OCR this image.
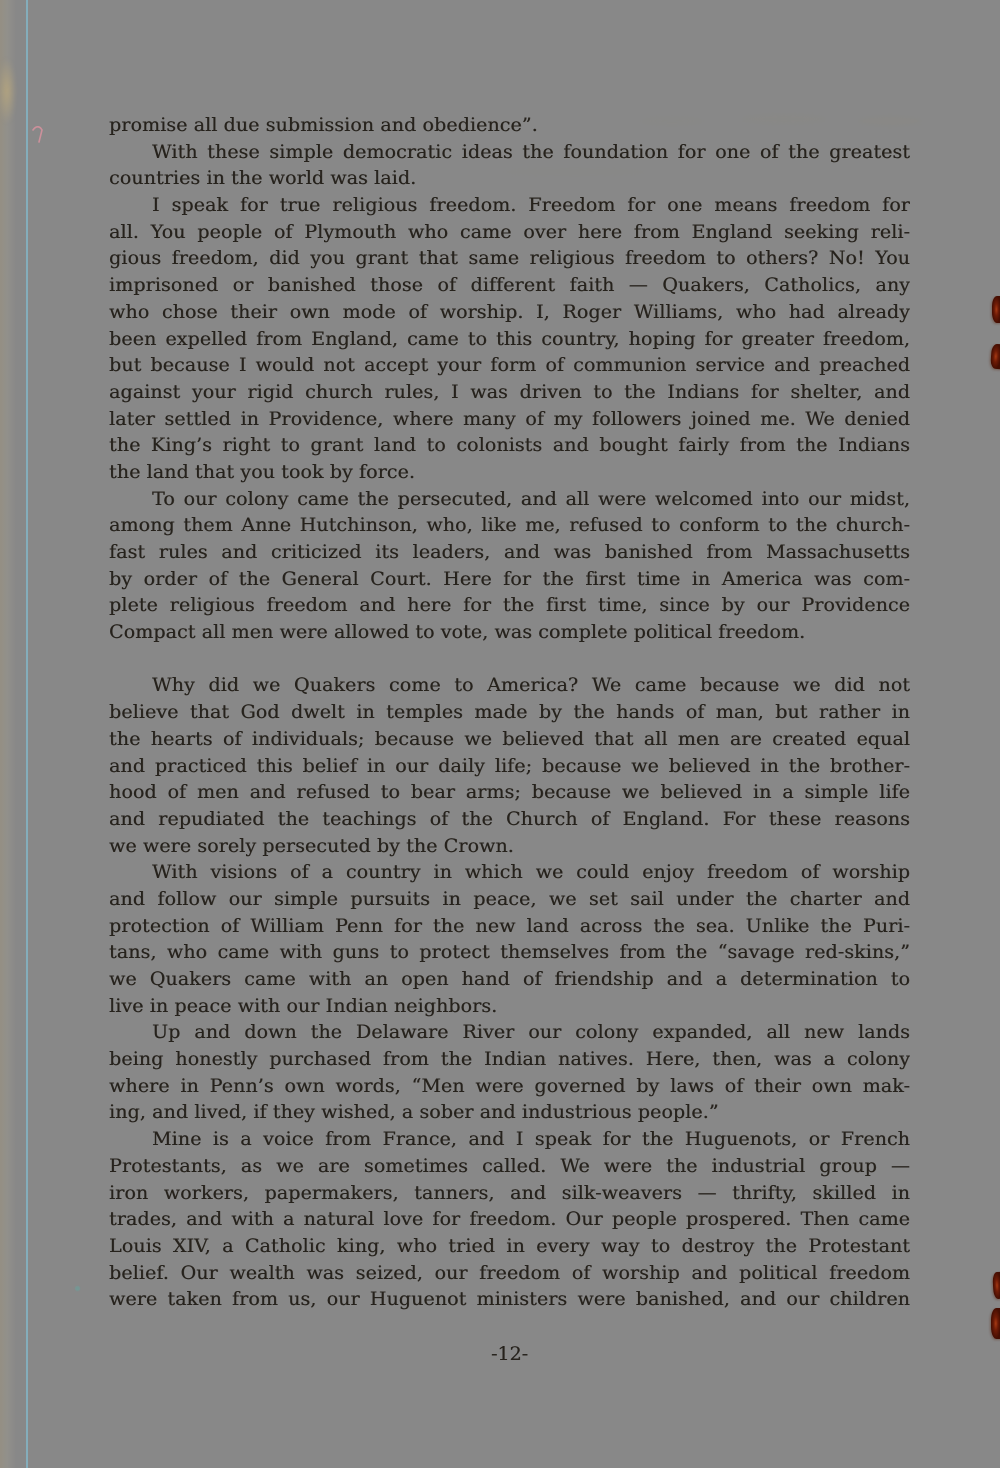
promise all due submission and obedience”.
With these simple democratic ideas the foundation for one of the greatest
countries in the world was laid.
I speak for true religious freedom. Freedom for one means freedom for
all. You people of Plymouth who came over here from England seeking reli-
gious freedom, did you grant that same religious freedom to others? No! You
imprisoned or banished those of different faith — Quakers, Catholics, any
who chose their own mode of worship. I, Roger Williams, who had already
been expelled from England, came to this country, hoping for greater freedom,
but because I would not accept your form of communion service and preached
against your rigid church rules, I was driven to the Indians for shelter, and
later settled in Providence, where many of my followers joined me. We denied
the King’s right to grant land to colonists and bought fairly from the Indians
the land that you took by force.
To our colony came the persecuted, and all were welcomed into our midst,
among them Anne Hutchinson, who, like me, refused to conform to the church-
fast rules and criticized its leaders, and was banished from Massachusetts
by order of the General Court. Here for the first time in America was com-
plete religious freedom and here for the first time, since by our Providence
Compact all men were allowed to vote, was complete political freedom.
Why did we Quakers come to America? We came because we did not
believe that God dwelt in temples made by the hands of man, but rather in
the hearts of individuals; because we believed that all men are created equal
and practiced this belief in our daily life; because we believed in the brother-
hood of men and refused to bear arms; because we believed in a simple life
and repudiated the teachings of the Church of England. For these reasons
we were sorely persecuted by the Crown.
With visions of a country in which we could enjoy freedom of worship
and follow our simple pursuits in peace, we set sail under the charter and
protection of William Penn for the new land across the sea. Unlike the Puri-
tans, who came with guns to protect themselves from the “savage red-skins,”
we Quakers came with an open hand of friendship and a determination to
live in peace with our Indian neighbors.
Up and down the Delaware River our colony expanded, all new lands
being honestly purchased from the Indian natives. Here, then, was a colony
where in Penn’s own words, “Men were governed by laws of their own mak-
ing, and lived, if they wished, a sober and industrious people.”
Mine is a voice from France, and I speak for the Huguenots, or French
Protestants, as we are sometimes called. We were the industrial group —
iron workers, papermakers, tanners, and silk-weavers — thrifty, skilled in
trades, and with a natural love for freedom. Our people prospered. Then came
Louis XIV, a Catholic king, who tried in every way to destroy the Protestant
belief. Our wealth was seized, our freedom of worship and political freedom
were taken from us, our Huguenot ministers were banished, and our children
-12-
